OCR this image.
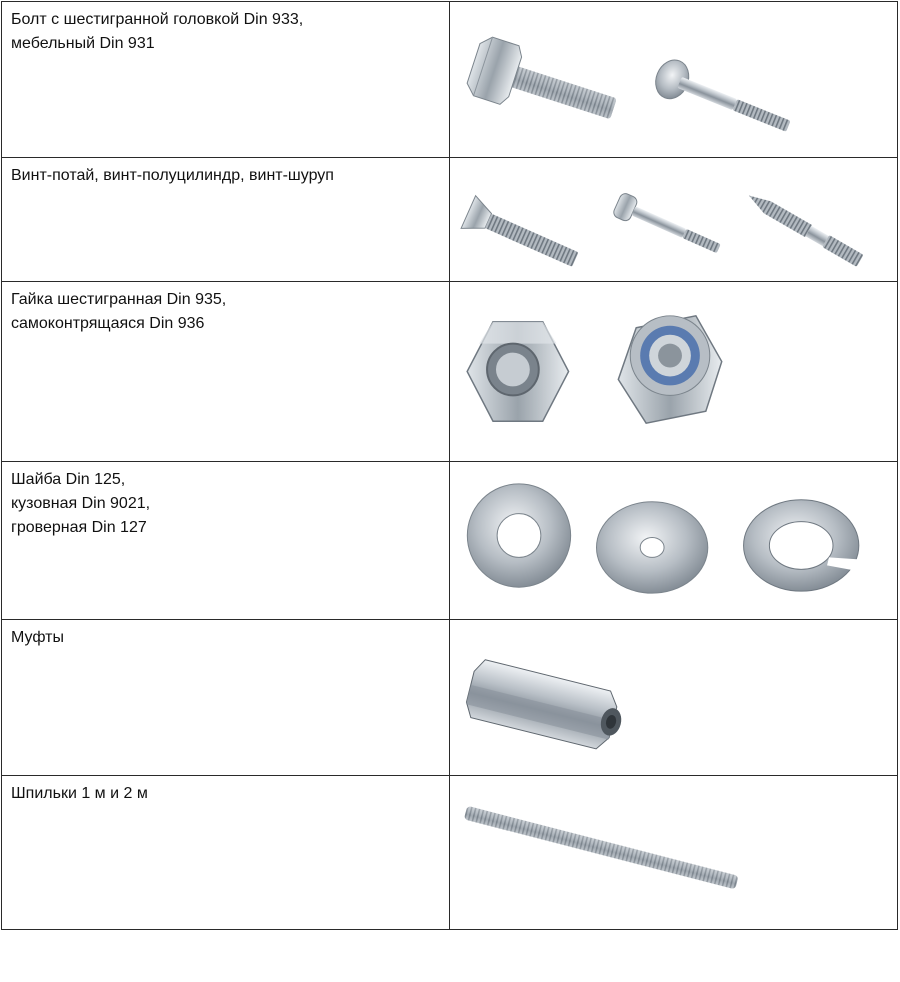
Болт с шестигранной головкой Din 933,
мебельный Din 931	

Винт-потай, винт-полуцилиндр, винт-шуруп	

Гайка шестигранная Din 935,
самоконтрящаяся Din 936	

Шайба Din 125,
кузовная Din 9021,
гроверная Din 127	

Муфты	

Шпильки 1 м и 2 м	
